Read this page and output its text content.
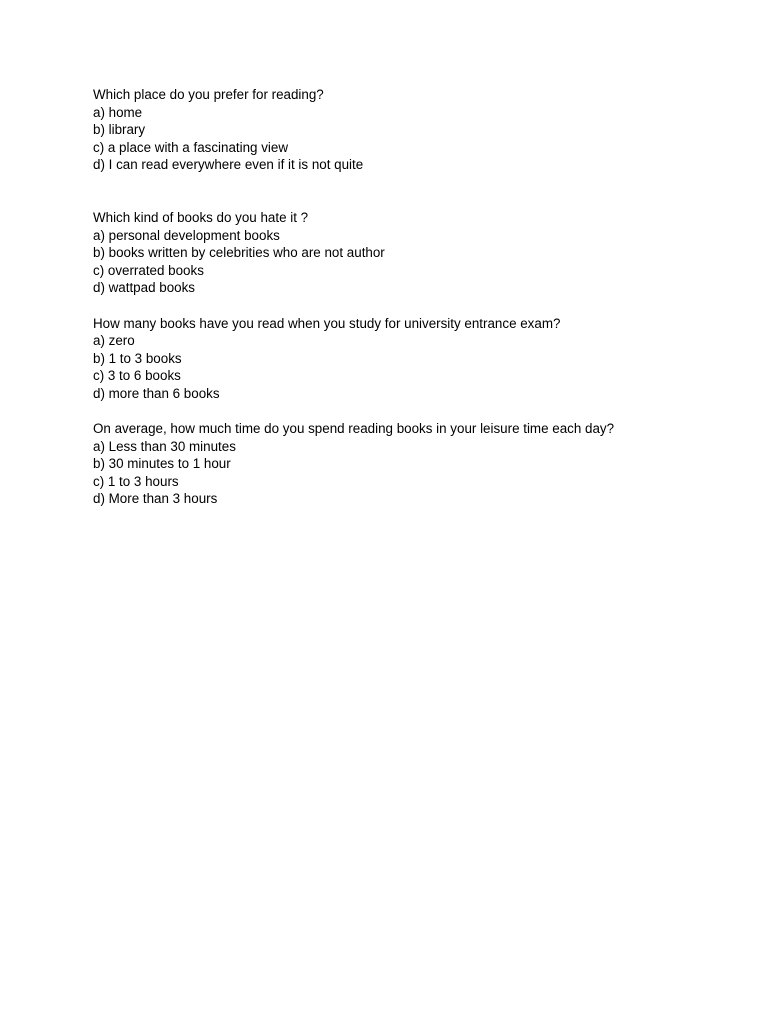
Which place do you prefer for reading?
a) home
b) library
c) a place with a fascinating view
d) I can read everywhere even if it is not quite
Which kind of books do you hate it ?
a) personal development books
b) books written by celebrities who are not author
c) overrated books
d) wattpad books
How many books have you read when you study for university entrance exam?
a) zero
b) 1 to 3 books
c) 3 to 6 books
d) more than 6 books
On average, how much time do you spend reading books in your leisure time each day?
a) Less than 30 minutes
b) 30 minutes to 1 hour
c) 1 to 3 hours
d) More than 3 hours
